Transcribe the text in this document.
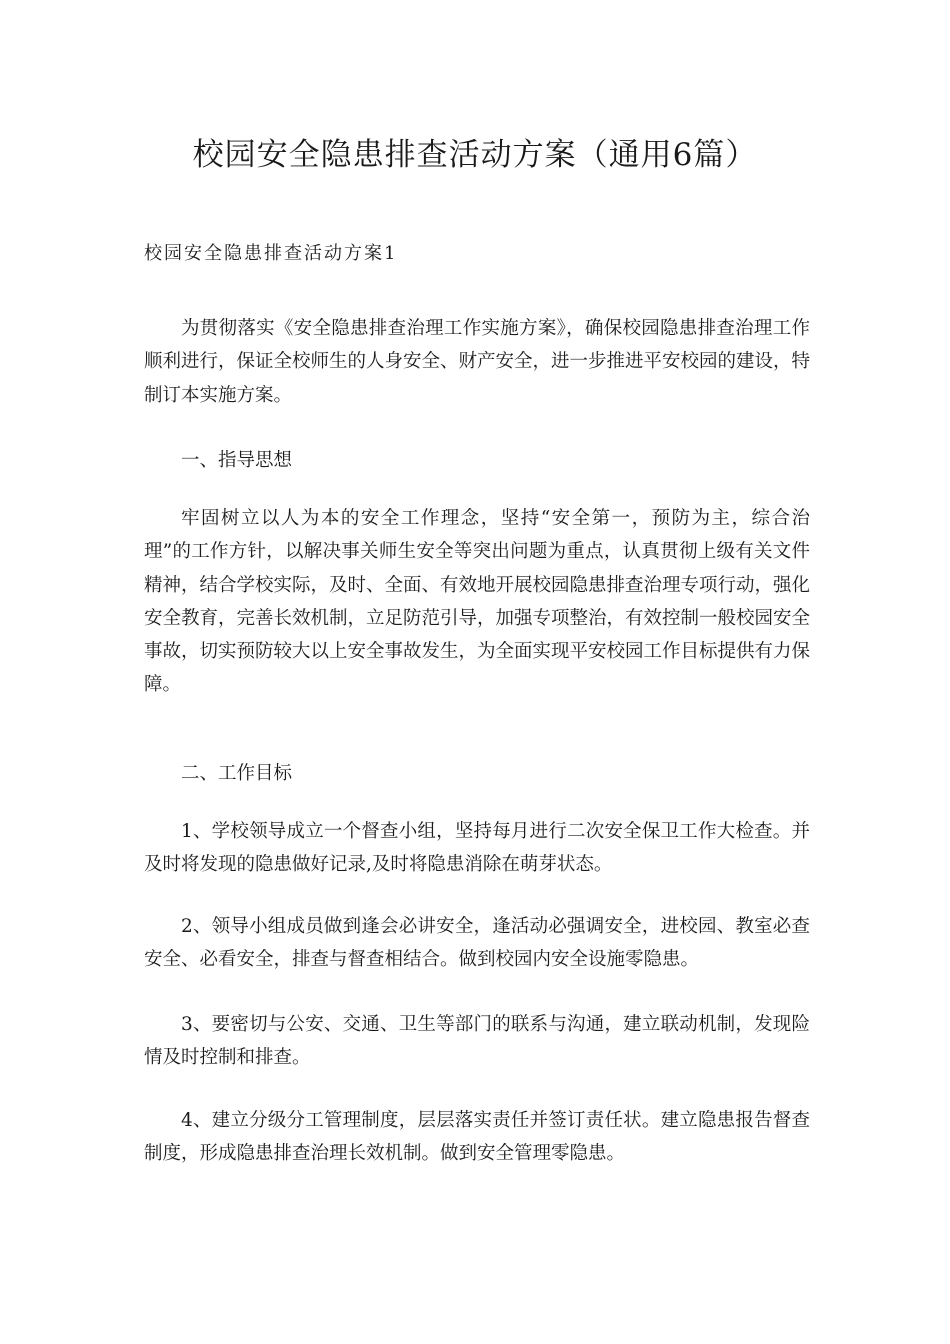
校园安全隐患排查活动方案（通用6篇）
校园安全隐患排查活动方案1

为贯彻落实《安全隐患排查治理工作实施方案》，确保校园隐患排查治理工作顺利进行，保证全校师生的人身安全、财产安全，进一步推进平安校园的建设，特制订本实施方案。

一、指导思想

牢固树立以人为本的安全工作理念，坚持“安全第一，预防为主，综合治理”的工作方针，以解决事关师生安全等突出问题为重点，认真贯彻上级有关文件精神，结合学校实际，及时、全面、有效地开展校园隐患排查治理专项行动，强化安全教育，完善长效机制，立足防范引导，加强专项整治，有效控制一般校园安全事故，切实预防较大以上安全事故发生，为全面实现平安校园工作目标提供有力保障。

二、工作目标

1、学校领导成立一个督查小组，坚持每月进行二次安全保卫工作大检查。并及时将发现的隐患做好记录,及时将隐患消除在萌芽状态。

2、领导小组成员做到逢会必讲安全，逢活动必强调安全，进校园、教室必查安全、必看安全，排查与督查相结合。做到校园内安全设施零隐患。

3、要密切与公安、交通、卫生等部门的联系与沟通，建立联动机制，发现险情及时控制和排查。

4、建立分级分工管理制度，层层落实责任并签订责任状。建立隐患报告督查制度，形成隐患排查治理长效机制。做到安全管理零隐患。
